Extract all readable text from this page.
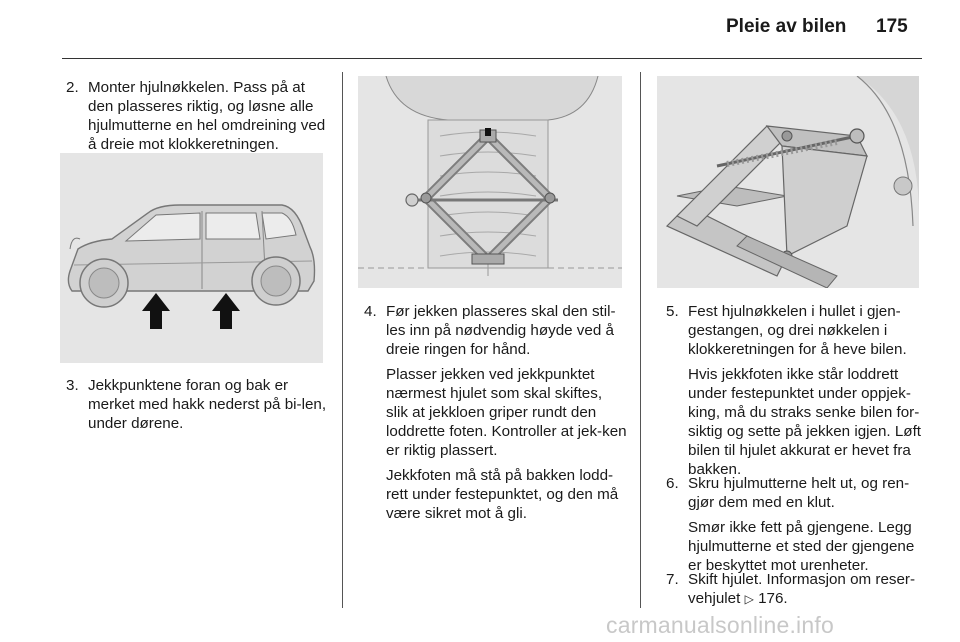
Pleie av bilen 175
2. Monter hjulnøkkelen. Pass på at den plasseres riktig, og løsne alle hjulmutterne en hel omdreining ved å dreie mot klokkeretningen.
3. Jekkpunktene foran og bak er merket med hakk nederst på bi-len, under dørene.
4. Før jekken plasseres skal den stil-les inn på nødvendig høyde ved å dreie ringen for hånd.
Plasser jekken ved jekkpunktet nærmest hjulet som skal skiftes, slik at jekkloen griper rundt den loddrette foten. Kontroller at jek-ken er riktig plassert.
Jekkfoten må stå på bakken lodd-rett under festepunktet, og den må være sikret mot å gli.
5. Fest hjulnøkkelen i hullet i gjen-gestangen, og drei nøkkelen i klokkeretningen for å heve bilen.
Hvis jekkfoten ikke står loddrett under festepunktet under oppjek-king, må du straks senke bilen for-siktig og sette på jekken igjen. Løft bilen til hjulet akkurat er hevet fra bakken.
6. Skru hjulmutterne helt ut, og ren-gjør dem med en klut.
Smør ikke fett på gjengene. Legg hjulmutterne et sted der gjengene er beskyttet mot urenheter.
7. Skift hjulet. Informasjon om reser-vehjulet ▷ 176.
carmanualsonline.info
